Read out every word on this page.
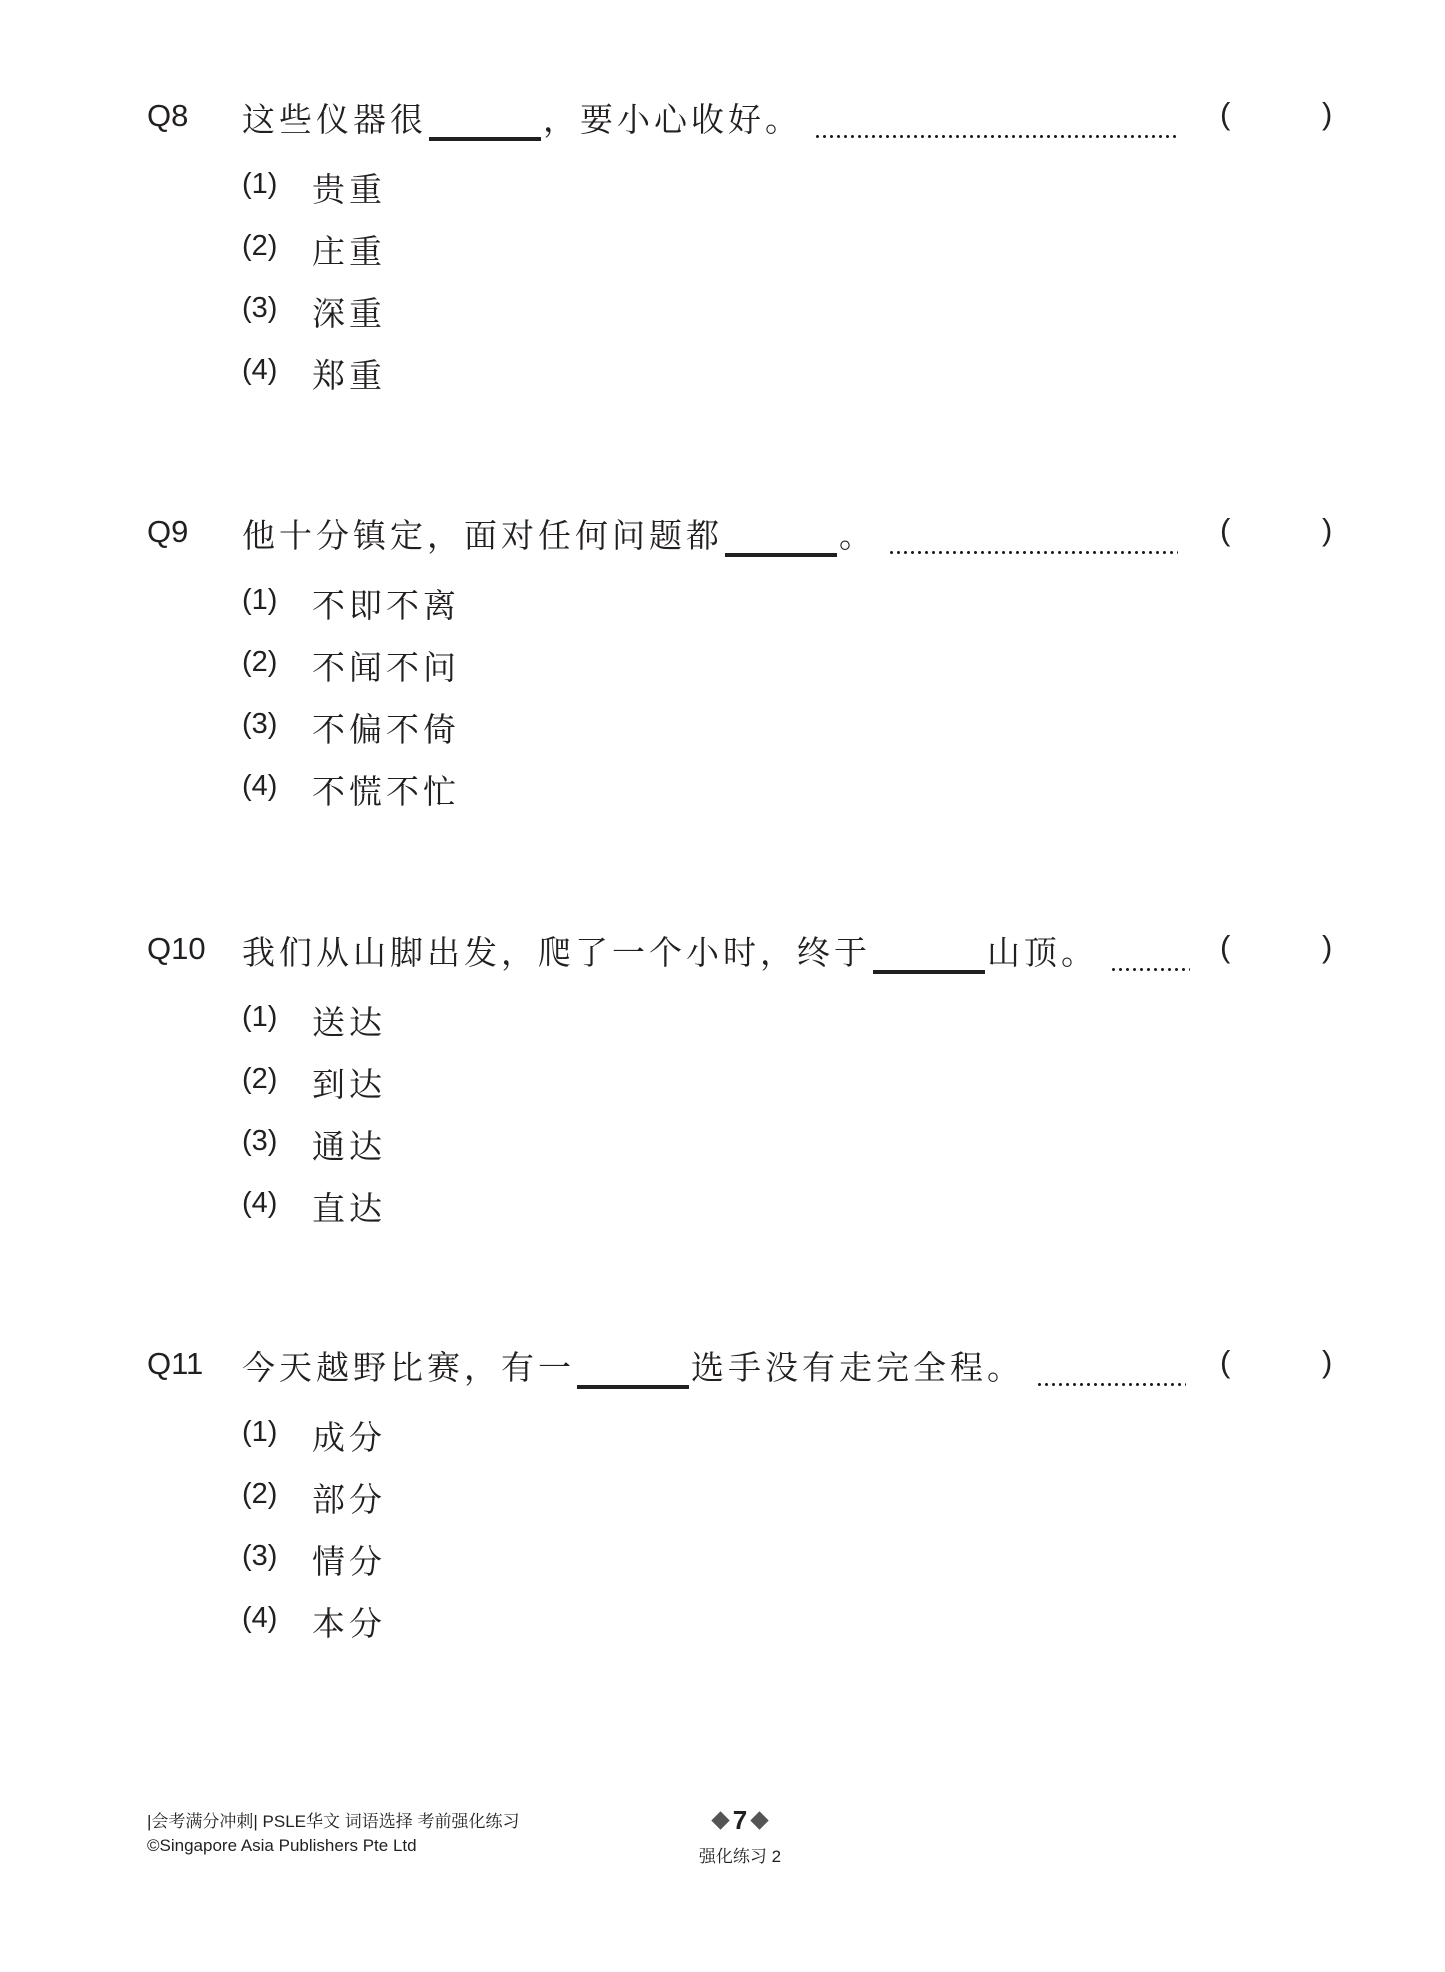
Q8 这些仪器很	，要小心收好。	(	)
(1) 贵重
(2) 庄重
(3) 深重
(4) 郑重
Q9 他十分镇定，面对任何问题都	。	(	)
(1) 不即不离
(2) 不闻不问
(3) 不偏不倚
(4) 不慌不忙
Q10 我们从山脚出发，爬了一个小时，终于	山顶。	(	)
(1) 送达
(2) 到达
(3) 通达
(4) 直达
Q11 今天越野比赛，有一	选手没有走完全程。	(	)
(1) 成分
(2) 部分
(3) 情分
(4) 本分
|会考满分冲刺| PSLE华文 词语选择 考前强化练习
©Singapore Asia Publishers Pte Ltd
7
强化练习 2
